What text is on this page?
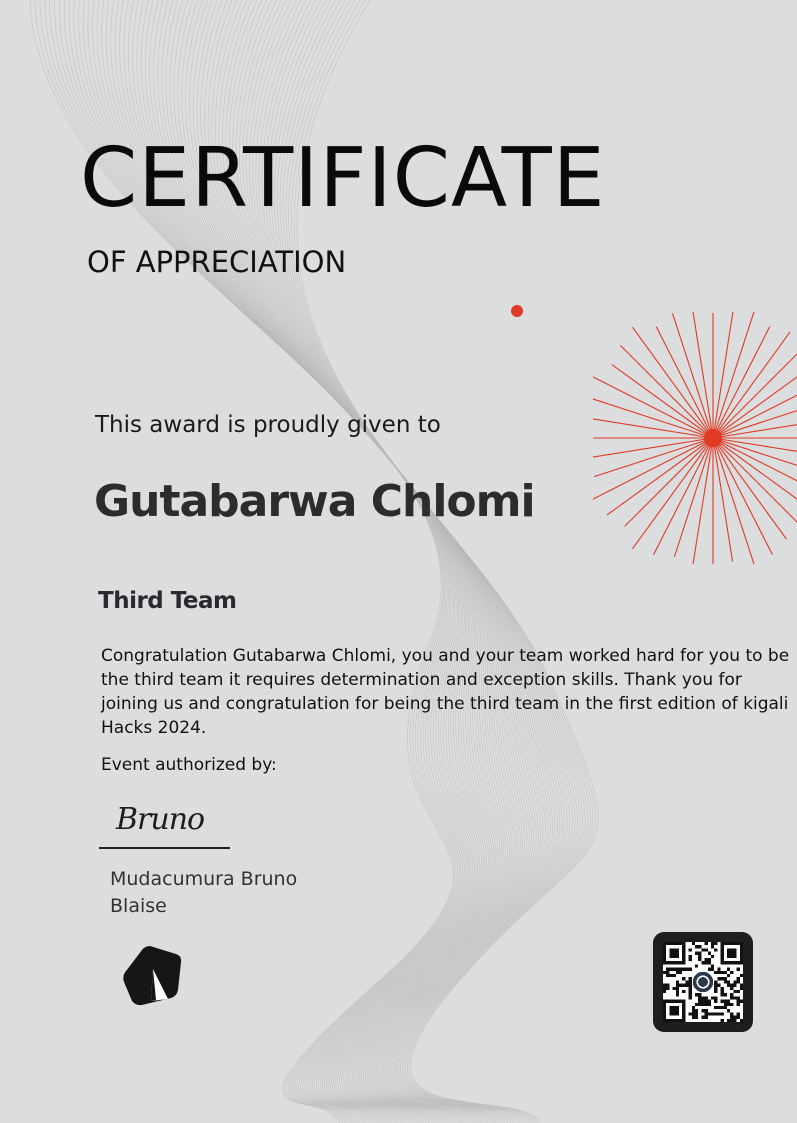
CERTIFICATE
OF APPRECIATION

This award is proudly given to

Gutabarwa Chlomi

Third Team

Congratulation Gutabarwa Chlomi, you and your team worked hard for you to be the third team it requires determination and exception skills. Thank you for joining us and congratulation for being the third team in the first edition of kigali Hacks 2024.

Event authorized by:

Bruno

Mudacumura Bruno Blaise
